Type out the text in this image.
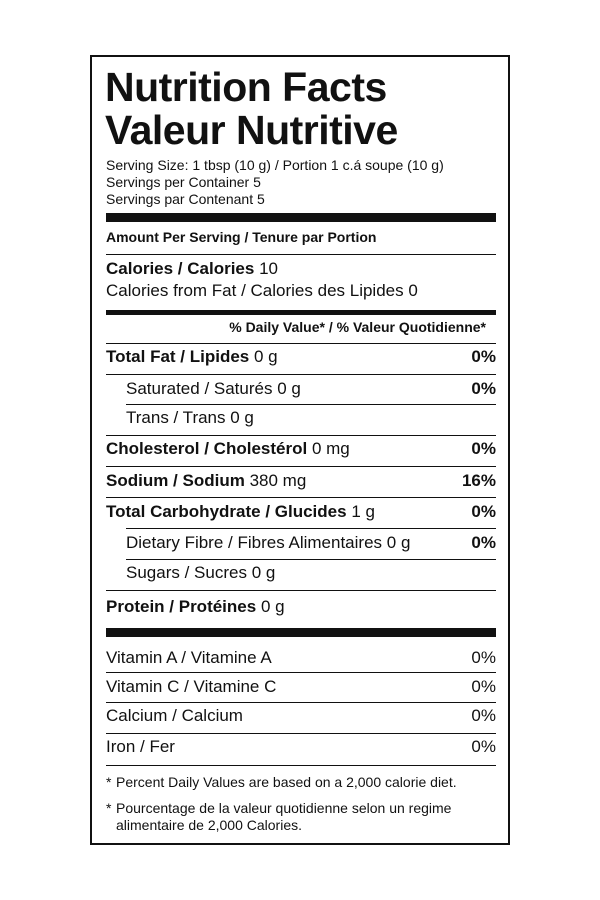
Nutrition Facts
Valeur Nutritive
Serving Size: 1 tbsp (10 g) / Portion 1 c.á soupe (10 g)
Servings per Container 5
Servings par Contenant 5
Amount Per Serving / Tenure par Portion
Calories / Calories 10
Calories from Fat / Calories des Lipides 0
% Daily Value* / % Valeur Quotidienne*
Total Fat / Lipides 0 g	0%
Saturated / Saturés 0 g	0%
Trans / Trans 0 g
Cholesterol / Cholestérol 0 mg	0%
Sodium / Sodium 380 mg	16%
Total Carbohydrate / Glucides 1 g	0%
Dietary Fibre / Fibres Alimentaires 0 g	0%
Sugars / Sucres 0 g
Protein / Protéines 0 g
Vitamin A / Vitamine A	0%
Vitamin C / Vitamine C	0%
Calcium / Calcium	0%
Iron / Fer	0%
* Percent Daily Values are based on a 2,000 calorie diet.
* Pourcentage de la valeur quotidienne selon un regime
alimentaire de 2,000 Calories.
